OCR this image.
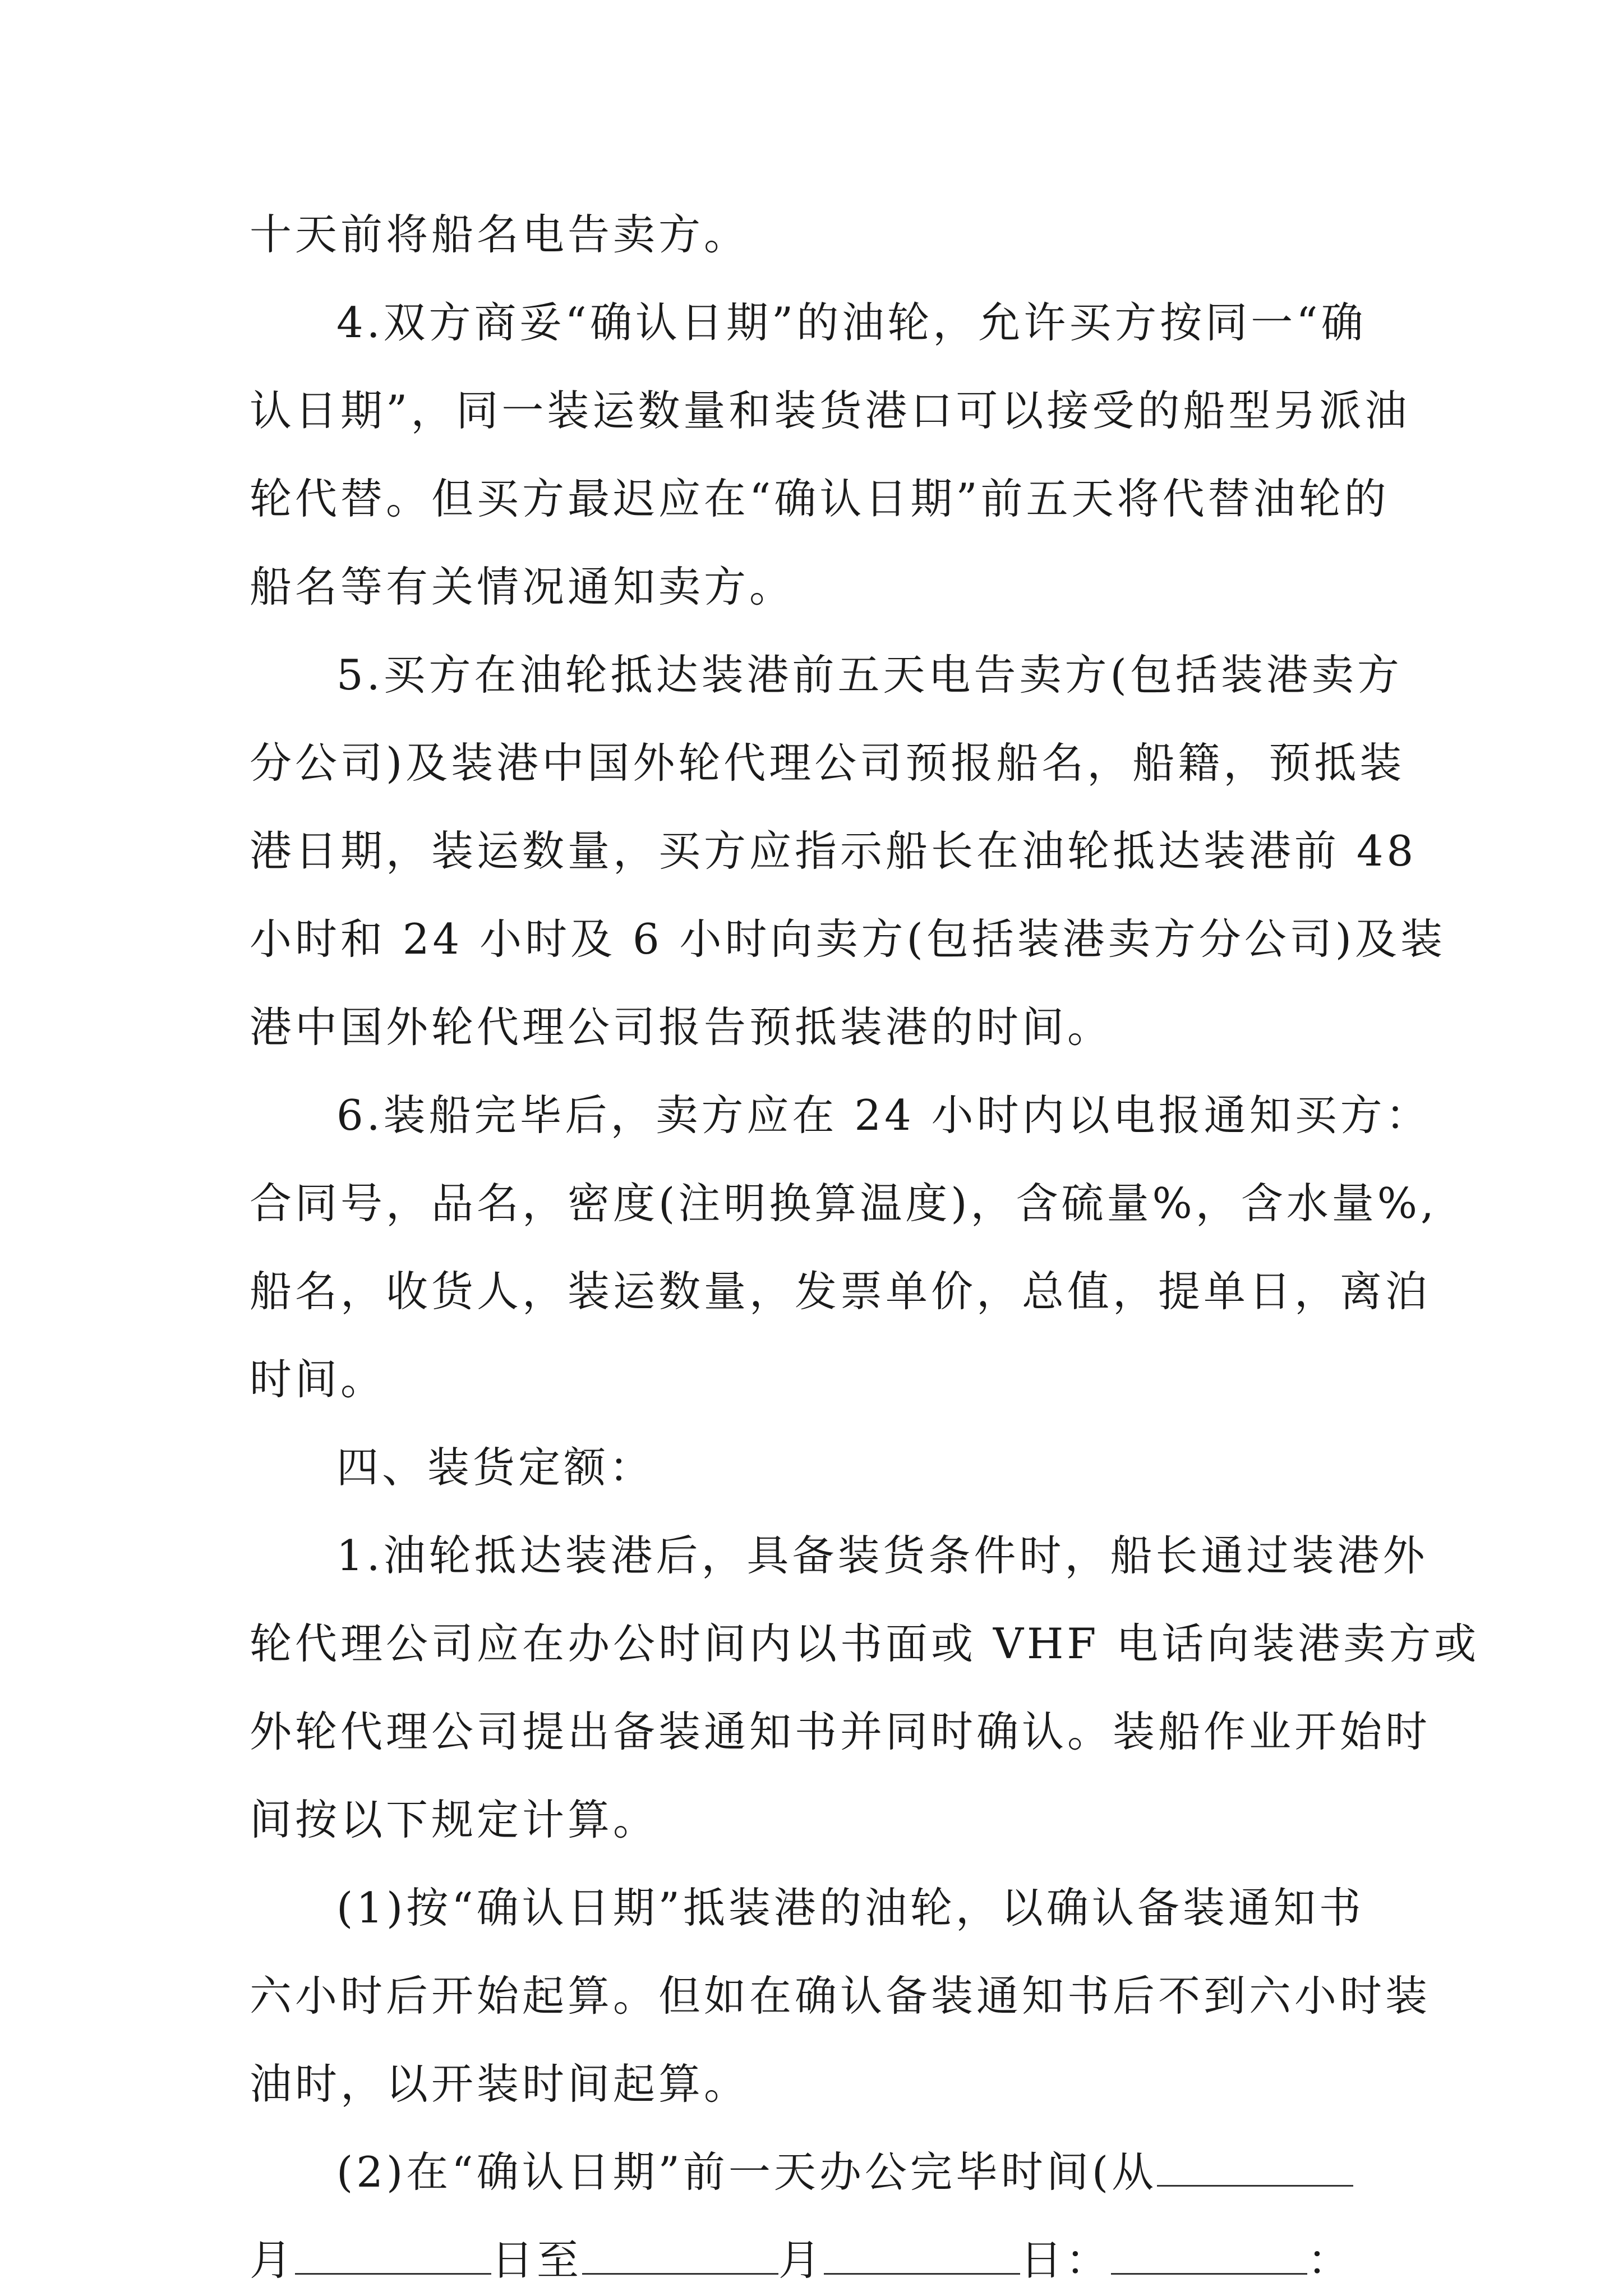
十天前将船名电告卖方。
4.双方商妥“确认日期”的油轮，允许买方按同一“确
认日期”，同一装运数量和装货港口可以接受的船型另派油
轮代替。但买方最迟应在“确认日期”前五天将代替油轮的
船名等有关情况通知卖方。
5.买方在油轮抵达装港前五天电告卖方(包括装港卖方
分公司)及装港中国外轮代理公司预报船名，船籍，预抵装
港日期，装运数量，买方应指示船长在油轮抵达装港前 48
小时和 24 小时及 6 小时向卖方(包括装港卖方分公司)及装
港中国外轮代理公司报告预抵装港的时间。
6.装船完毕后，卖方应在 24 小时内以电报通知买方：
合同号，品名，密度(注明换算温度)，含硫量%，含水量%,
船名，收货人，装运数量，发票单价，总值，提单日，离泊
时间。
四、装货定额：
1.油轮抵达装港后，具备装货条件时，船长通过装港外
轮代理公司应在办公时间内以书面或 VHF 电话向装港卖方或
外轮代理公司提出备装通知书并同时确认。装船作业开始时
间按以下规定计算。
(1)按“确认日期”抵装港的油轮，以确认备装通知书
六小时后开始起算。但如在确认备装通知书后不到六小时装
油时，以开装时间起算。
(2)在“确认日期”前一天办公完毕时间(从
月	日至	月	日：	：
